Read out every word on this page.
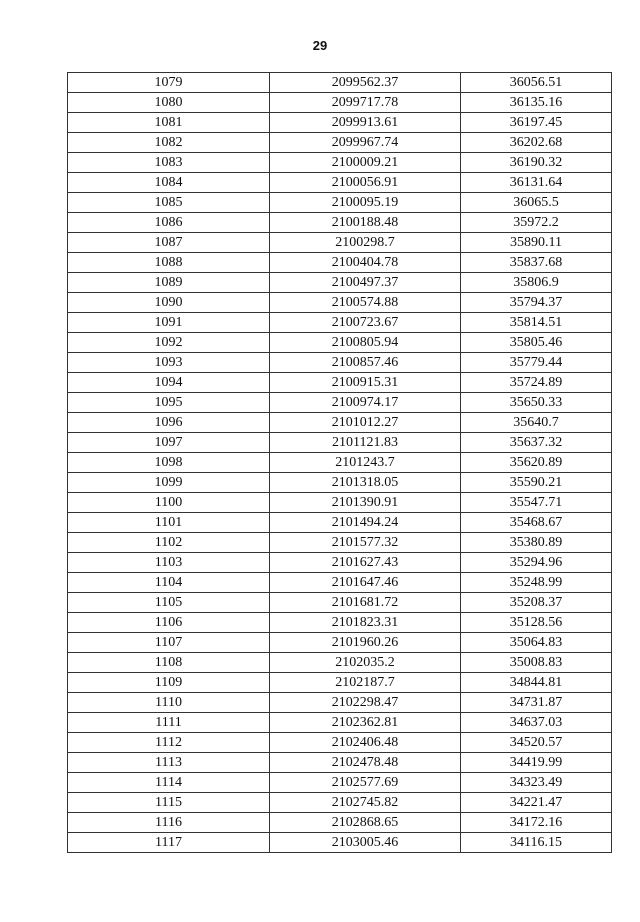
29
1079	2099562.37	36056.51
1080	2099717.78	36135.16
1081	2099913.61	36197.45
1082	2099967.74	36202.68
1083	2100009.21	36190.32
1084	2100056.91	36131.64
1085	2100095.19	36065.5
1086	2100188.48	35972.2
1087	2100298.7	35890.11
1088	2100404.78	35837.68
1089	2100497.37	35806.9
1090	2100574.88	35794.37
1091	2100723.67	35814.51
1092	2100805.94	35805.46
1093	2100857.46	35779.44
1094	2100915.31	35724.89
1095	2100974.17	35650.33
1096	2101012.27	35640.7
1097	2101121.83	35637.32
1098	2101243.7	35620.89
1099	2101318.05	35590.21
1100	2101390.91	35547.71
1101	2101494.24	35468.67
1102	2101577.32	35380.89
1103	2101627.43	35294.96
1104	2101647.46	35248.99
1105	2101681.72	35208.37
1106	2101823.31	35128.56
1107	2101960.26	35064.83
1108	2102035.2	35008.83
1109	2102187.7	34844.81
1110	2102298.47	34731.87
1111	2102362.81	34637.03
1112	2102406.48	34520.57
1113	2102478.48	34419.99
1114	2102577.69	34323.49
1115	2102745.82	34221.47
1116	2102868.65	34172.16
1117	2103005.46	34116.15
